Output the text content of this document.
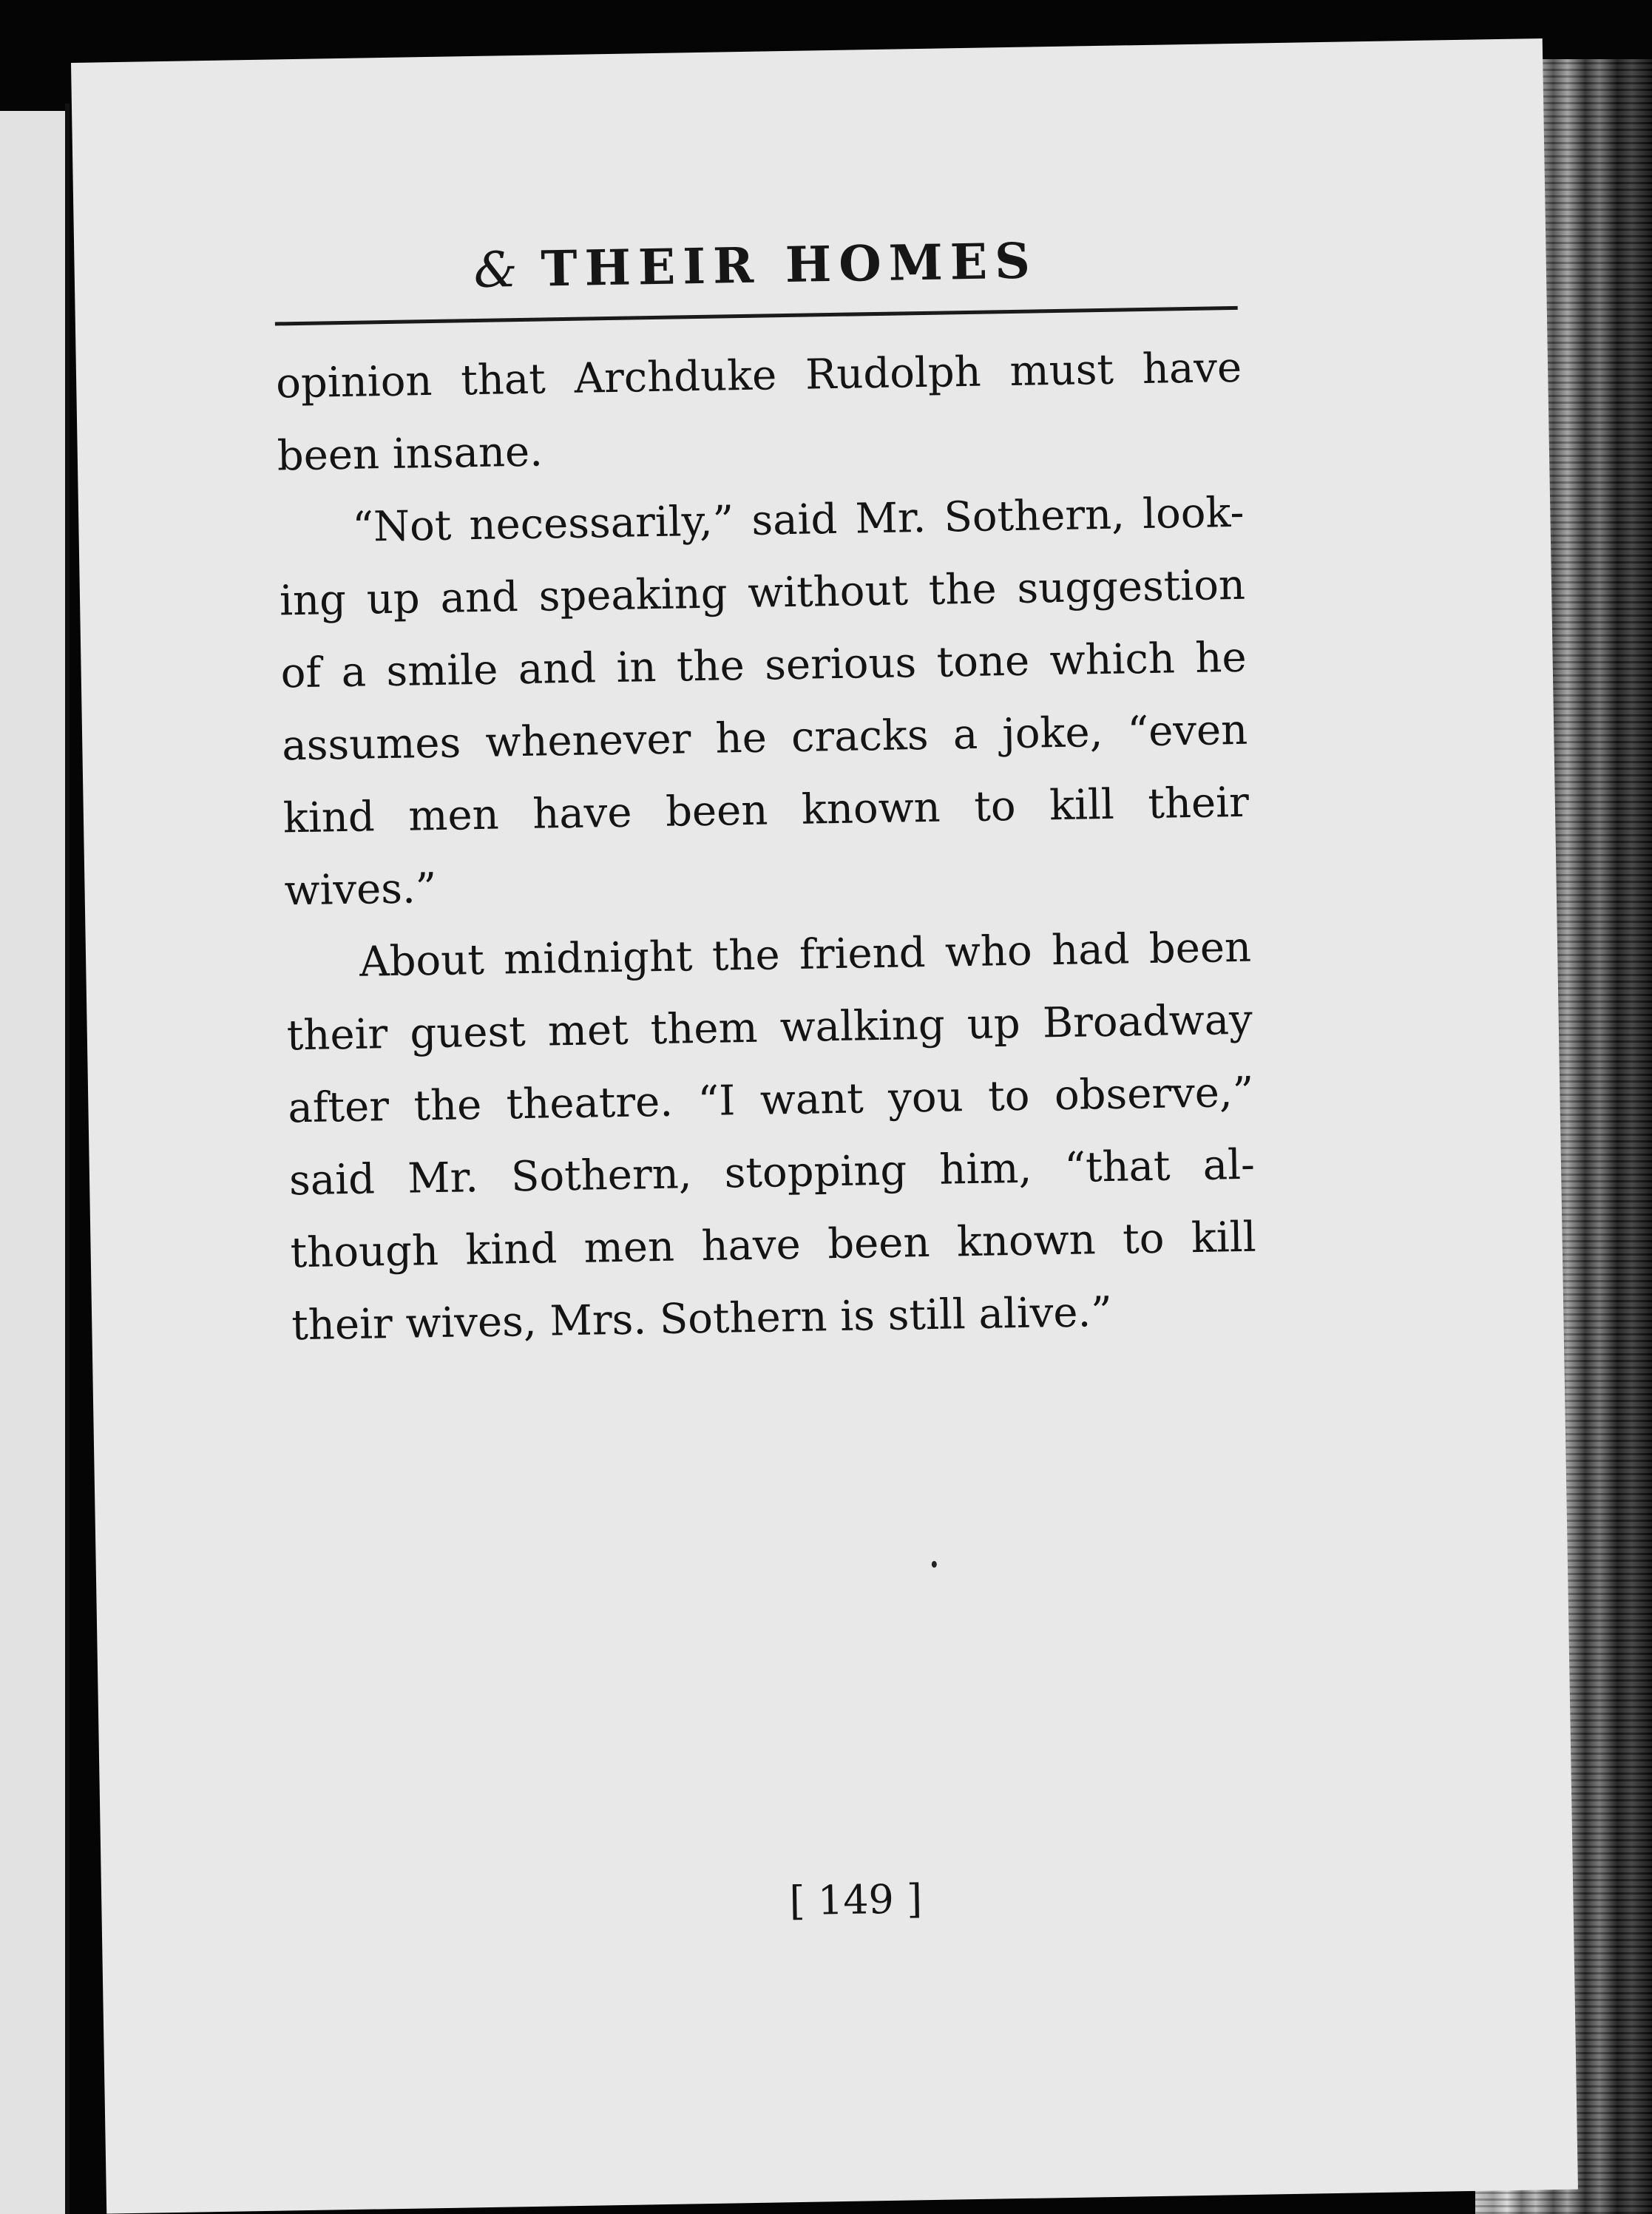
& THEIR HOMES
opinion that Archduke Rudolph must have
been insane.
“Not necessarily,” said Mr. Sothern, look-
ing up and speaking without the suggestion
of a smile and in the serious tone which he
assumes whenever he cracks a joke, “even
kind men have been known to kill their
wives.”
About midnight the friend who had been
their guest met them walking up Broadway
after the theatre. “I want you to observe,”
said Mr. Sothern, stopping him, “that al-
though kind men have been known to kill
their wives, Mrs. Sothern is still alive.”
[ 149 ]
